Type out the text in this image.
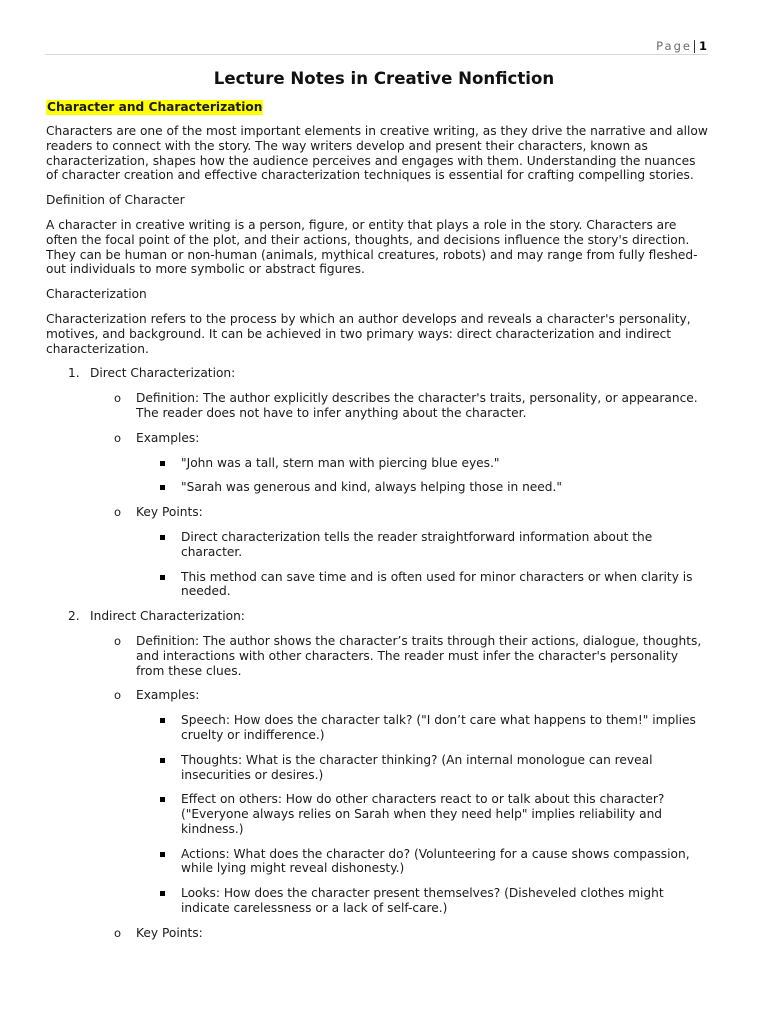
Page 1
Lecture Notes in Creative Nonfiction
Character and Characterization

Characters are one of the most important elements in creative writing, as they drive the narrative and allow readers to connect with the story. The way writers develop and present their characters, known as characterization, shapes how the audience perceives and engages with them. Understanding the nuances of character creation and effective characterization techniques is essential for crafting compelling stories.

Definition of Character

A character in creative writing is a person, figure, or entity that plays a role in the story. Characters are often the focal point of the plot, and their actions, thoughts, and decisions influence the story's direction. They can be human or non-human (animals, mythical creatures, robots) and may range from fully fleshed-out individuals to more symbolic or abstract figures.

Characterization

Characterization refers to the process by which an author develops and reveals a character's personality, motives, and background. It can be achieved in two primary ways: direct characterization and indirect characterization.

1. Direct Characterization:
o Definition: The author explicitly describes the character's traits, personality, or appearance. The reader does not have to infer anything about the character.
o Examples:
"John was a tall, stern man with piercing blue eyes."
"Sarah was generous and kind, always helping those in need."
o Key Points:
Direct characterization tells the reader straightforward information about the character.
This method can save time and is often used for minor characters or when clarity is needed.
2. Indirect Characterization:
o Definition: The author shows the character’s traits through their actions, dialogue, thoughts, and interactions with other characters. The reader must infer the character's personality from these clues.
o Examples:
Speech: How does the character talk? ("I don’t care what happens to them!" implies cruelty or indifference.)
Thoughts: What is the character thinking? (An internal monologue can reveal insecurities or desires.)
Effect on others: How do other characters react to or talk about this character? ("Everyone always relies on Sarah when they need help" implies reliability and kindness.)
Actions: What does the character do? (Volunteering for a cause shows compassion, while lying might reveal dishonesty.)
Looks: How does the character present themselves? (Disheveled clothes might indicate carelessness or a lack of self-care.)
o Key Points:
